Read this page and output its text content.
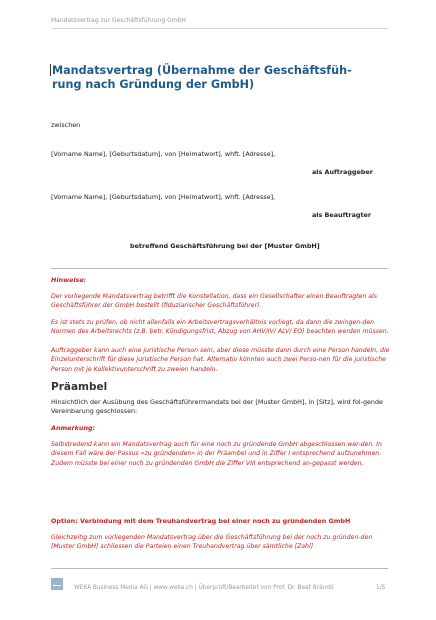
Mandatsvertrag zur Geschäftsführung GmbH
Mandatsvertrag (Übernahme der Geschäftsfüh-
rung nach Gründung der GmbH)
zwischen
[Vorname Name], [Geburtsdatum], von [Heimatwort], whft. [Adresse],
als Auftraggeber
[Vorname Name], [Geburtsdatum], von [Heimatwort], whft. [Adresse],
als Beauftragter
betreffend Geschäftsführung bei der [Muster GmbH]
Hinweise:
Der vorliegende Mandatsvertrag betrifft die Konstellation, dass ein Gesellschafter einen Beauftragten als Geschäftsführer der GmbH bestellt (fiduziarischer Geschäftsführer).
Es ist stets zu prüfen, ob nicht allenfalls ein Arbeitsvertragsverhältnis vorliegt, da dann die zwingen-den Normen des Arbeitsrechts (z.B. betr. Kündigungsfrist, Abzug von AHV/IV/ ALV/ EO) beachten werden müssen.
Auftraggeber kann auch eine juristische Person sein, aber diese müsste dann durch eine Person handeln, die Einzelunterschrift für diese juristische Person hat. Alternativ könnten auch zwei Perso-nen für die juristische Person mit je Kollektivunterschrift zu zweien handeln.
Präambel
Hinsichtlich der Ausübung des Geschäftsführermandats bei der [Muster GmbH], in [Sitz], wird fol-gende Vereinbarung geschlossen:
Anmerkung:
Selbstredend kann ein Mandatsvertrag auch für eine noch zu gründende GmbH abgeschlossen wer-den. In diesem Fall wäre der Passus «zu gründenden» in der Präambel und in Ziffer I entsprechend aufzunehmen. Zudem müsste bei einer noch zu gründenden GmbH die Ziffer VIII entsprechend an-gepasst werden.
Option: Verbindung mit dem Treuhandvertrag bei einer noch zu gründenden GmbH
Gleichzeitig zum vorliegenden Mandatsvertrag über die Geschäftsführung bei der noch zu gründen-den [Muster GmbH] schliessen die Parteien einen Treuhandvertrag über sämtliche [Zahl]
WEKA Business Media AG | www.weka.ch | Überprüft/Bearbeitet von Prof. Dr. Beat Brändli	1/5
